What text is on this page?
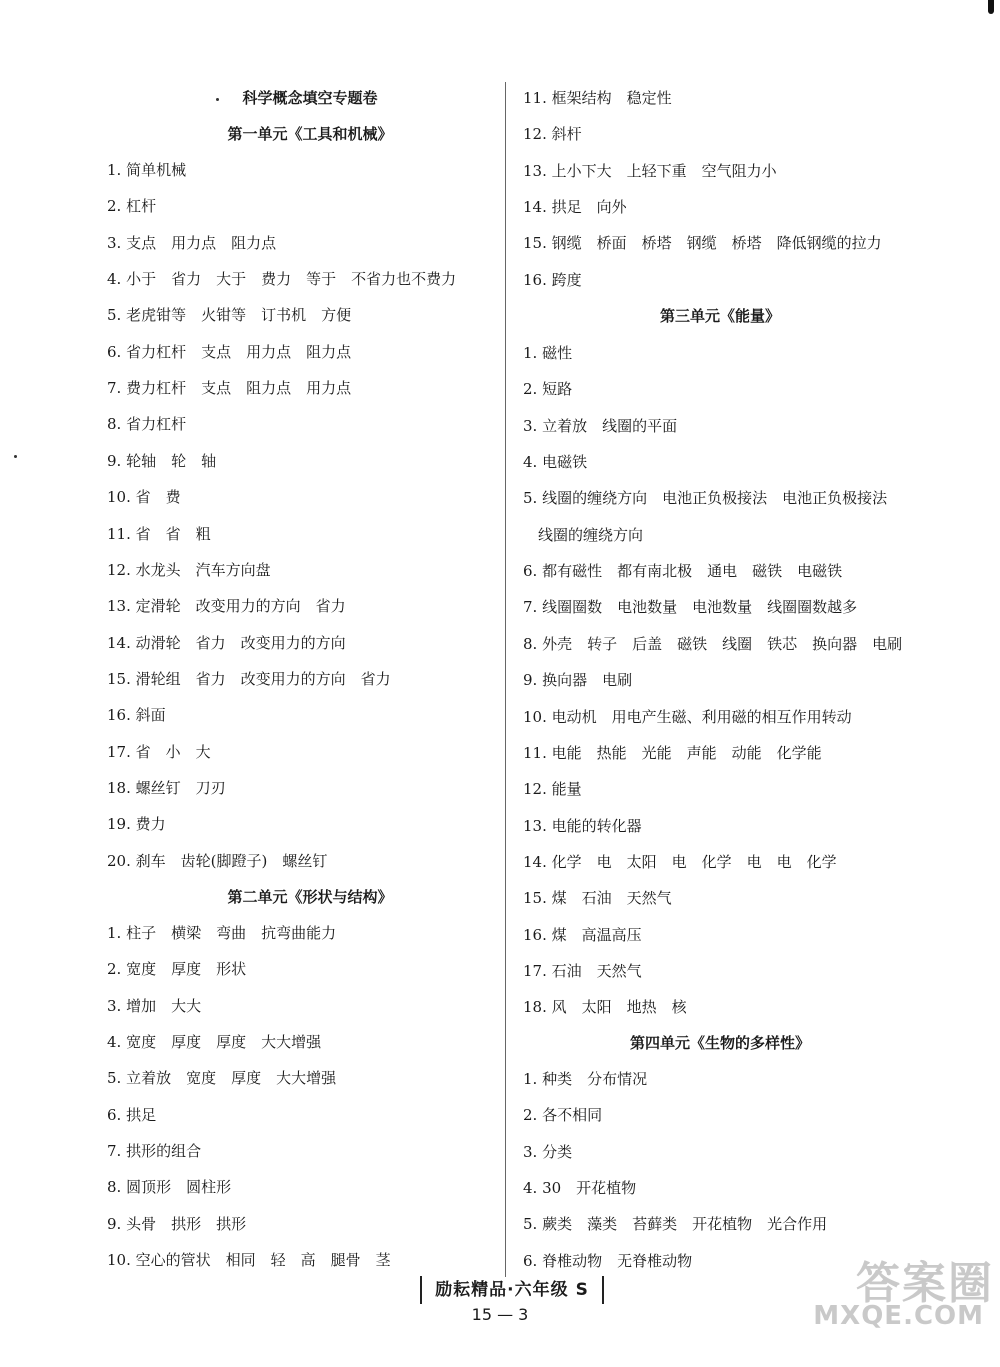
科学概念填空专题卷
第一单元《工具和机械》
1. 简单机械
2. 杠杆
3. 支点　用力点　阻力点
4. 小于　省力　大于　费力　等于　不省力也不费力
5. 老虎钳等　火钳等　订书机　方便
6. 省力杠杆　支点　用力点　阻力点
7. 费力杠杆　支点　阻力点　用力点
8. 省力杠杆
9. 轮轴　轮　轴
10. 省　费
11. 省　省　粗
12. 水龙头　汽车方向盘
13. 定滑轮　改变用力的方向　省力
14. 动滑轮　省力　改变用力的方向
15. 滑轮组　省力　改变用力的方向　省力
16. 斜面
17. 省　小　大
18. 螺丝钉　刀刃
19. 费力
20. 刹车　齿轮(脚蹬子)　螺丝钉
第二单元《形状与结构》
1. 柱子　横梁　弯曲　抗弯曲能力
2. 宽度　厚度　形状
3. 增加　大大
4. 宽度　厚度　厚度　大大增强
5. 立着放　宽度　厚度　大大增强
6. 拱足
7. 拱形的组合
8. 圆顶形　圆柱形
9. 头骨　拱形　拱形
10. 空心的管状　相同　轻　高　腿骨　茎
11. 框架结构　稳定性
12. 斜杆
13. 上小下大　上轻下重　空气阻力小
14. 拱足　向外
15. 钢缆　桥面　桥塔　钢缆　桥塔　降低钢缆的拉力
16. 跨度
第三单元《能量》
1. 磁性
2. 短路
3. 立着放　线圈的平面
4. 电磁铁
5. 线圈的缠绕方向　电池正负极接法　电池正负极接法
　线圈的缠绕方向
6. 都有磁性　都有南北极　通电　磁铁　电磁铁
7. 线圈圈数　电池数量　电池数量　线圈圈数越多
8. 外壳　转子　后盖　磁铁　线圈　铁芯　换向器　电刷
9. 换向器　电刷
10. 电动机　用电产生磁、利用磁的相互作用转动
11. 电能　热能　光能　声能　动能　化学能
12. 能量
13. 电能的转化器
14. 化学　电　太阳　电　化学　电　电　化学
15. 煤　石油　天然气
16. 煤　高温高压
17. 石油　天然气
18. 风　太阳　地热　核
第四单元《生物的多样性》
1. 种类　分布情况
2. 各不相同
3. 分类
4. 30　开花植物
5. 蕨类　藻类　苔藓类　开花植物　光合作用
6. 脊椎动物　无脊椎动物
励耘精品·六年级 S
15 — 3
答案圈
MXQE.COM
